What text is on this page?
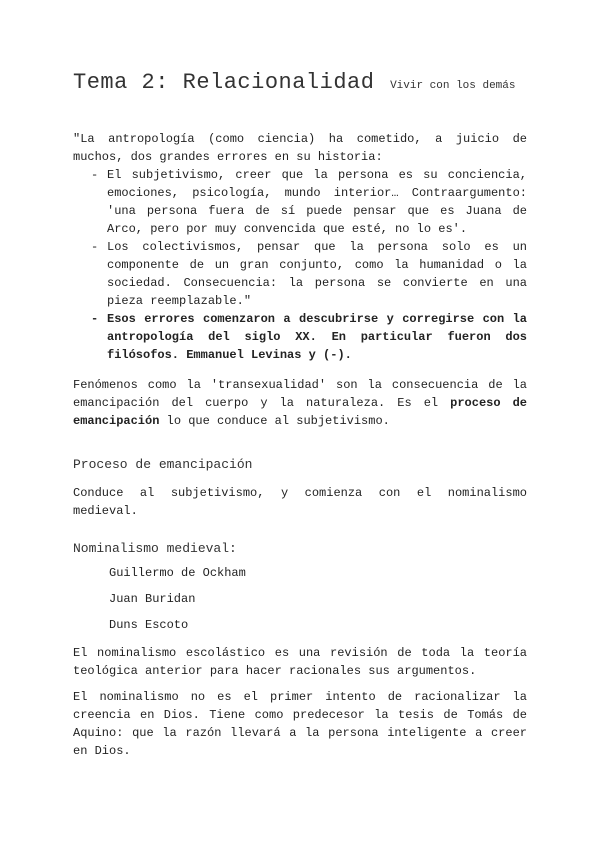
Tema 2: Relacionalidad Vivir con los demás

"La antropología (como ciencia) ha cometido, a juicio de muchos, dos grandes errores en su historia:

- El subjetivismo, creer que la persona es su conciencia, emociones, psicología, mundo interior… Contraargumento: 'una persona fuera de sí puede pensar que es Juana de Arco, pero por muy convencida que esté, no lo es'.
- Los colectivismos, pensar que la persona solo es un componente de un gran conjunto, como la humanidad o la sociedad. Consecuencia: la persona se convierte en una pieza reemplazable."
- Esos errores comenzaron a descubrirse y corregirse con la antropología del siglo XX. En particular fueron dos filósofos. Emmanuel Levinas y (-).

Fenómenos como la 'transexualidad' son la consecuencia de la emancipación del cuerpo y la naturaleza. Es el proceso de emancipación lo que conduce al subjetivismo.

Proceso de emancipación

Conduce al subjetivismo, y comienza con el nominalismo medieval.

Nominalismo medieval:
Guillermo de Ockham
Juan Buridan
Duns Escoto

El nominalismo escolástico es una revisión de toda la teoría teológica anterior para hacer racionales sus argumentos.

El nominalismo no es el primer intento de racionalizar la creencia en Dios. Tiene como predecesor la tesis de Tomás de Aquino: que la razón llevará a la persona inteligente a creer en Dios.
